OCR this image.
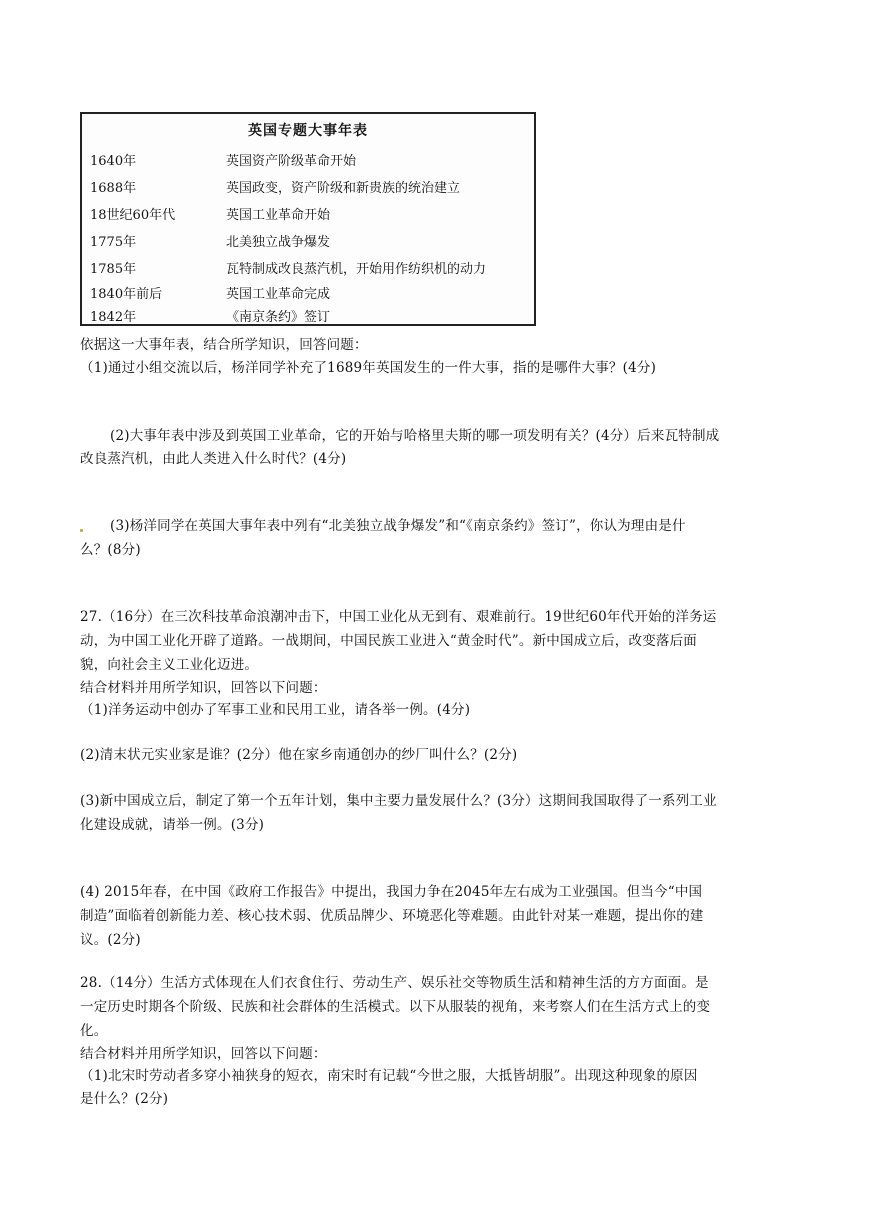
英国专题大事年表
1640年	英国资产阶级革命开始
1688年	英国政变，资产阶级和新贵族的统治建立
18世纪60年代	英国工业革命开始
1775年	北美独立战争爆发
1785年	瓦特制成改良蒸汽机，开始用作纺织机的动力
1840年前后	英国工业革命完成
1842年	《南京条约》签订
依据这一大事年表，结合所学知识，回答问题：
（1)通过小组交流以后，杨洋同学补充了1689年英国发生的一件大事，指的是哪件大事？(4分)
(2)大事年表中涉及到英国工业革命，它的开始与哈格里夫斯的哪一项发明有关？(4分）后来瓦特制成
改良蒸汽机，由此人类进入什么时代？(4分)
(3)杨洋同学在英国大事年表中列有“北美独立战争爆发”和“《南京条约》签订”，你认为理由是什
么？(8分)
27.（16分）在三次科技革命浪潮冲击下，中国工业化从无到有、艰难前行。19世纪60年代开始的洋务运
动，为中国工业化开辟了道路。一战期间，中国民族工业进入“黄金时代”。新中国成立后，改变落后面
貌，向社会主义工业化迈进。
结合材料并用所学知识，回答以下问题：
（1)洋务运动中创办了军事工业和民用工业，请各举一例。(4分)
(2)清末状元实业家是谁？(2分）他在家乡南通创办的纱厂叫什么？(2分)
(3)新中国成立后，制定了第一个五年计划，集中主要力量发展什么？(3分）这期间我国取得了一系列工业
化建设成就，请举一例。(3分)
(4) 2015年春，在中国《政府工作报告》中提出，我国力争在2045年左右成为工业强国。但当今“中国
制造”面临着创新能力差、核心技术弱、优质品牌少、环境恶化等难题。由此针对某一难题，提出你的建
议。(2分)
28.（14分）生活方式体现在人们衣食住行、劳动生产、娱乐社交等物质生活和精神生活的方方面面。是
一定历史时期各个阶级、民族和社会群体的生活模式。以下从服装的视角，来考察人们在生活方式上的变
化。
结合材料并用所学知识，回答以下问题：
（1)北宋时劳动者多穿小袖狭身的短衣，南宋时有记载“今世之服，大抵皆胡服”。出现这种现象的原因
是什么？(2分)
